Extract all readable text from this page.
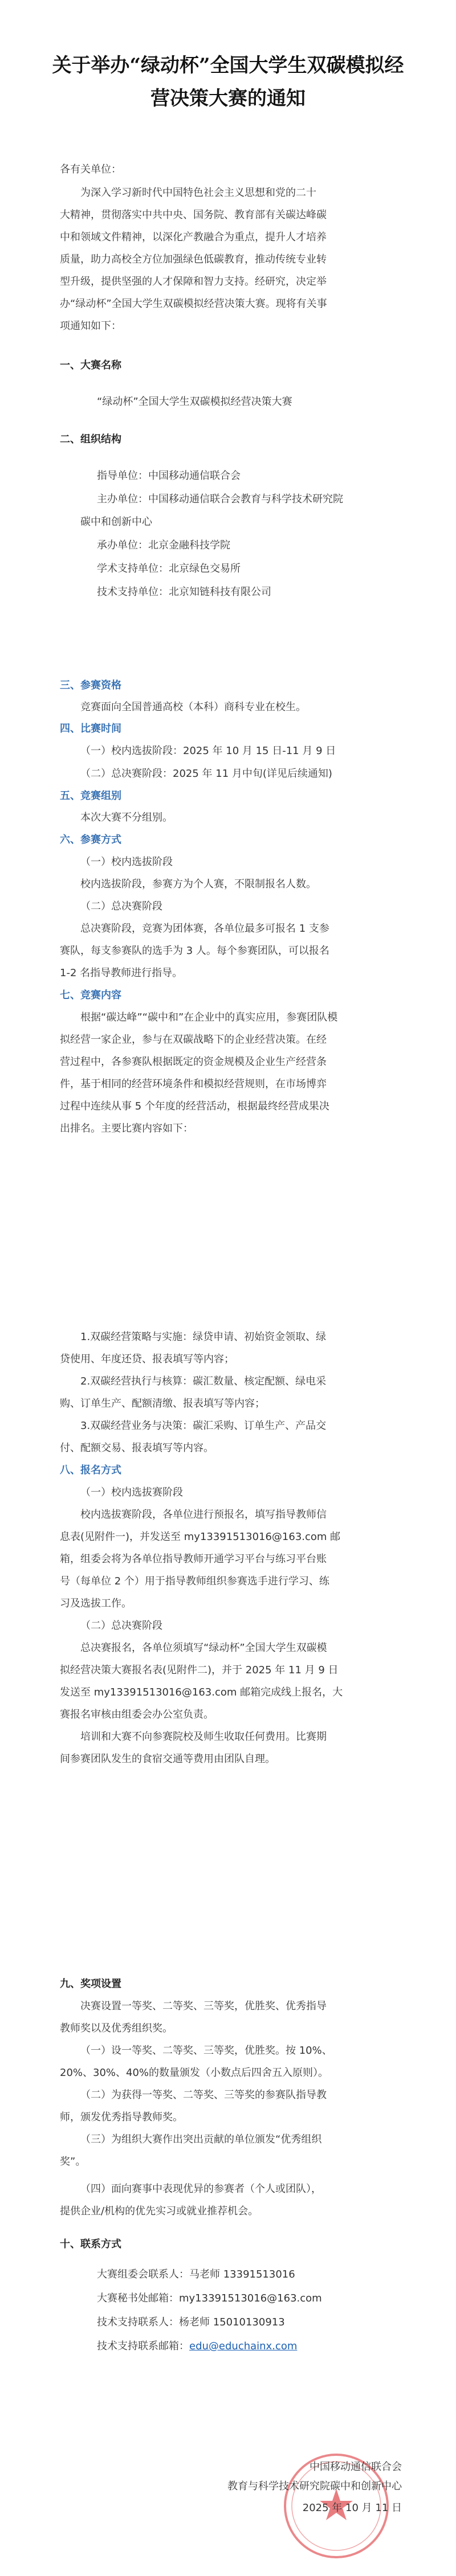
关于举办“绿动杯”全国大学生双碳模拟经
营决策大赛的通知
各有关单位：
为深入学习新时代中国特色社会主义思想和党的二十
大精神，贯彻落实中共中央、国务院、教育部有关碳达峰碳
中和领域文件精神，以深化产教融合为重点，提升人才培养
质量，助力高校全方位加强绿色低碳教育，推动传统专业转
型升级，提供坚强的人才保障和智力支持。经研究，决定举
办“绿动杯”全国大学生双碳模拟经营决策大赛。现将有关事
项通知如下：
一、大赛名称
“绿动杯”全国大学生双碳模拟经营决策大赛
二、组织结构
指导单位：中国移动通信联合会
主办单位：中国移动通信联合会教育与科学技术研究院
碳中和创新中心
承办单位：北京金融科技学院
学术支持单位：北京绿色交易所
技术支持单位：北京知链科技有限公司
三、参赛资格
竞赛面向全国普通高校（本科）商科专业在校生。
四、比赛时间
（一）校内选拔阶段：2025 年 10 月 15 日-11 月 9 日
（二）总决赛阶段：2025 年 11 月中旬(详见后续通知)
五、竞赛组别
本次大赛不分组别。
六、参赛方式
（一）校内选拔阶段
校内选拔阶段，参赛方为个人赛，不限制报名人数。
（二）总决赛阶段
总决赛阶段，竞赛为团体赛，各单位最多可报名 1 支参
赛队，每支参赛队的选手为 3 人。每个参赛团队，可以报名
1-2 名指导教师进行指导。
七、竞赛内容
根据“碳达峰”“碳中和”在企业中的真实应用，参赛团队模
拟经营一家企业，参与在双碳战略下的企业经营决策。在经
营过程中，各参赛队根据既定的资金规模及企业生产经营条
件，基于相同的经营环境条件和模拟经营规则，在市场博弈
过程中连续从事 5 个年度的经营活动，根据最终经营成果决
出排名。主要比赛内容如下：
1.双碳经营策略与实施：绿贷申请、初始资金领取、绿
贷使用、年度还贷、报表填写等内容；
2.双碳经营执行与核算：碳汇数量、核定配额、绿电采
购、订单生产、配额清缴、报表填写等内容；
3.双碳经营业务与决策：碳汇采购、订单生产、产品交
付、配额交易、报表填写等内容。
八、报名方式
（一）校内选拔赛阶段
校内选拔赛阶段，各单位进行预报名，填写指导教师信
息表(见附件一)，并发送至 my13391513016@163.com 邮
箱，组委会将为各单位指导教师开通学习平台与练习平台账
号（每单位 2 个）用于指导教师组织参赛选手进行学习、练
习及选拔工作。
（二）总决赛阶段
总决赛报名，各单位须填写“绿动杯”全国大学生双碳模
拟经营决策大赛报名表(见附件二)，并于 2025 年 11 月 9 日
发送至 my13391513016@163.com 邮箱完成线上报名，大
赛报名审核由组委会办公室负责。
培训和大赛不向参赛院校及师生收取任何费用。比赛期
间参赛团队发生的食宿交通等费用由团队自理。
九、奖项设置
决赛设置一等奖、二等奖、三等奖，优胜奖、优秀指导
教师奖以及优秀组织奖。
（一）设一等奖、二等奖、三等奖，优胜奖。按 10%、
20%、30%、40%的数量颁发（小数点后四舍五入原则）。
（二）为获得一等奖、二等奖、三等奖的参赛队指导教
师，颁发优秀指导教师奖。
（三）为组织大赛作出突出贡献的单位颁发“优秀组织
奖”。
（四）面向赛事中表现优异的参赛者（个人或团队），
提供企业/机构的优先实习或就业推荐机会。
十、联系方式
大赛组委会联系人：马老师 13391513016
大赛秘书处邮箱：my13391513016@163.com
技术支持联系人：杨老师 15010130913
技术支持联系邮箱：edu@educhainx.com
中国移动通信联合会
教育与科学技术研究院碳中和创新中心
2025 年 10 月 11 日
